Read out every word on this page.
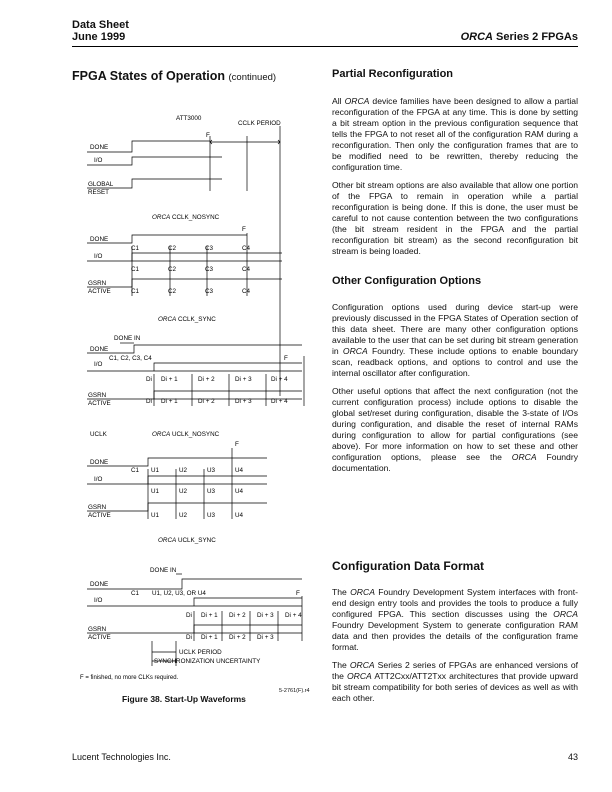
Data Sheet
June 1999	ORCA Series 2 FPGAs
FPGA States of Operation (continued)
ATT3000
CCLK PERIOD
F
DONE
I/O
GLOBAL
RESET
ORCA CCLK_NOSYNC
F
DONE
C1	C2	C3	C4
I/O
C1	C2	C3	C4
GSRN
ACTIVE	C1	C2	C3	C4
ORCA CCLK_SYNC
DONE IN
DONE
C1, C2, C3, C4
I/O
F
Di Di + 1	Di + 2	Di + 3	Di + 4
GSRN
ACTIVE	Di Di + 1	Di + 2	Di + 3	Di + 4
UCLK	ORCA UCLK_NOSYNC
F
DONE
C1 U1	U2	U3	U4
I/O
U1	U2	U3	U4
GSRN
ACTIVE	U1	U2	U3	U4
ORCA UCLK_SYNC
DONE IN
DONE
C1 U1, U2, U3, OR U4	F
I/O
Di Di + 1 Di + 2 Di + 3 Di + 4
GSRN
ACTIVE	Di Di + 1 Di + 2 Di + 3
UCLK PERIOD
SYNCHRONIZATION UNCERTAINTY
F = finished, no more CLKs required.
Figure 38. Start-Up Waveforms
5-2761(F).r4
Partial Reconfiguration

All ORCA device families have been designed to allow a partial reconfiguration of the FPGA at any time. This is done by setting a bit stream option in the previous configuration sequence that tells the FPGA to not reset all of the configuration RAM during a reconfiguration. Then only the configuration frames that are to be modified need to be rewritten, thereby reducing the configuration time.

Other bit stream options are also available that allow one portion of the FPGA to remain in operation while a partial reconfiguration is being done. If this is done, the user must be careful to not cause contention between the two configurations (the bit stream resident in the FPGA and the partial reconfiguration bit stream) as the second reconfiguration bit stream is being loaded.

Other Configuration Options

Configuration options used during device start-up were previously discussed in the FPGA States of Operation section of this data sheet. There are many other configuration options available to the user that can be set during bit stream generation in ORCA Foundry. These include options to enable boundary scan, readback options, and options to control and use the internal oscillator after configuration.

Other useful options that affect the next configuration (not the current configuration process) include options to disable the global set/reset during configuration, disable the 3-state of I/Os during configuration, and disable the reset of internal RAMs during configuration to allow for partial configurations (see above). For more information on how to set these and other configuration options, please see the ORCA Foundry documentation.

Configuration Data Format

The ORCA Foundry Development System interfaces with front-end design entry tools and provides the tools to produce a fully configured FPGA. This section discusses using the ORCA Foundry Development System to generate configuration RAM data and then provides the details of the configuration frame format.

The ORCA Series 2 series of FPGAs are enhanced versions of the ORCA ATT2Cxx/ATT2Txx architectures that provide upward bit stream compatibility for both series of devices as well as with each other.

Lucent Technologies Inc.	43
